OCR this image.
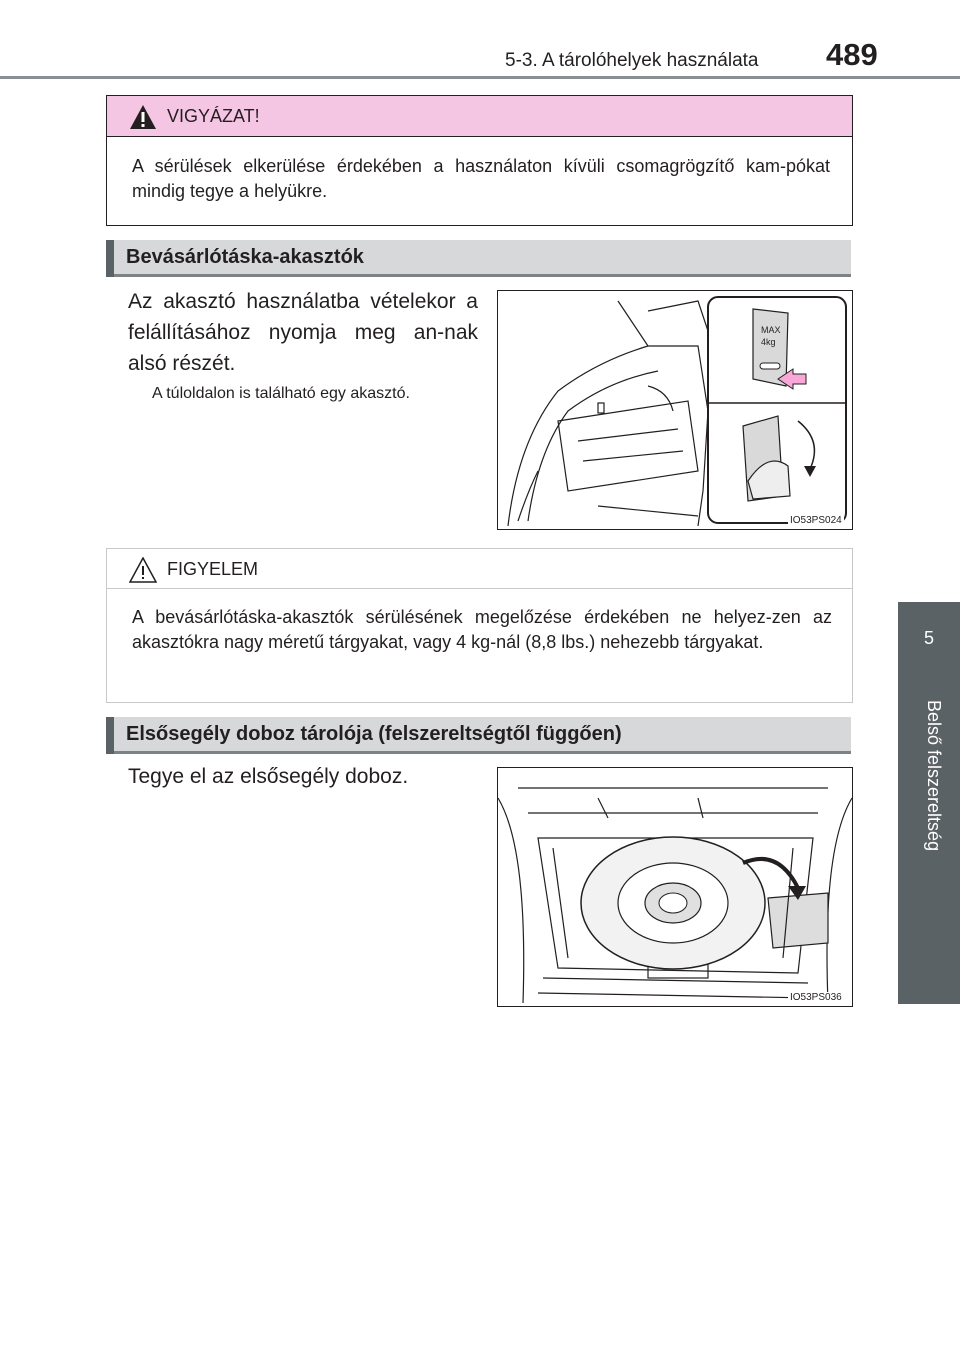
5-3. A tárolóhelyek használata 489
5
Belső felszereltség
VIGYÁZAT!
A sérülések elkerülése érdekében a használaton kívüli csomagrögzítő kam-pókat mindig tegye a helyükre.
Bevásárlótáska-akasztók
Az akasztó használatba vételekor a felállításához nyomja meg an-nak alsó részét.
A túloldalon is található egy akasztó.
MAX
4kg
IO53PS024
FIGYELEM
A bevásárlótáska-akasztók sérülésének megelőzése érdekében ne helyez-zen az akasztókra nagy méretű tárgyakat, vagy 4 kg-nál (8,8 lbs.) nehezebb tárgyakat.
Elsősegély doboz tárolója (felszereltségtől függően)
Tegye el az elsősegély doboz.
IO53PS036
